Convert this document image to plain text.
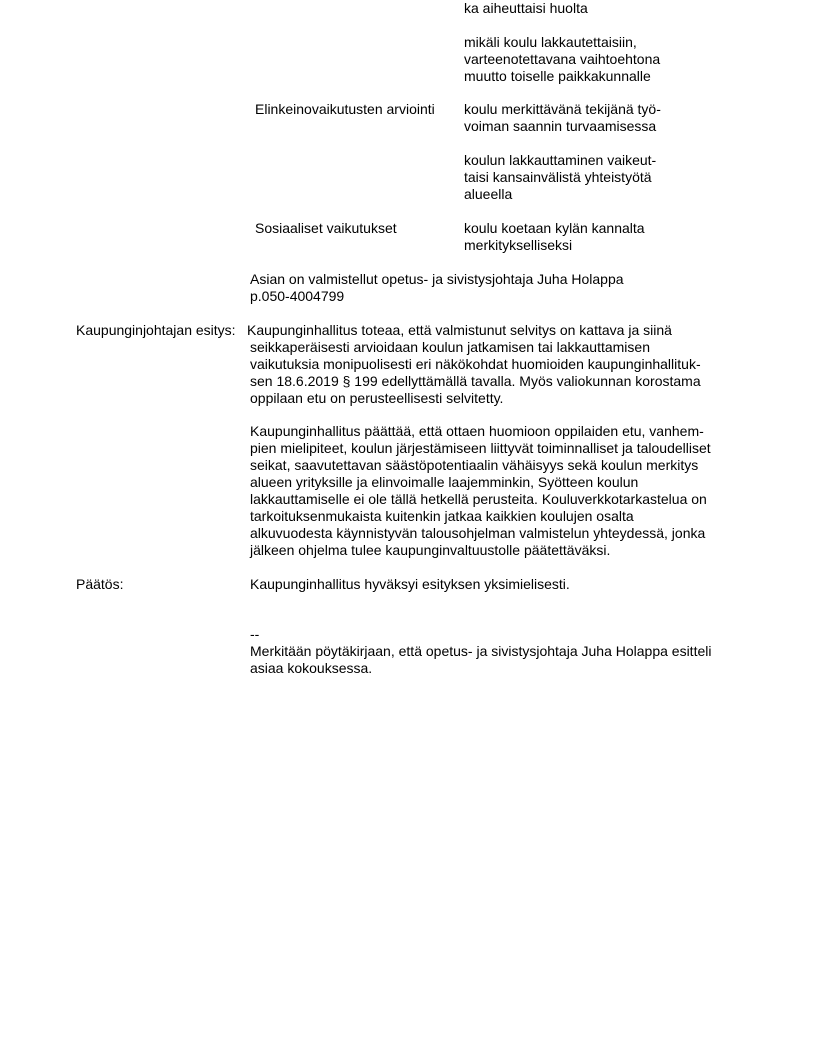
ka aiheuttaisi huolta
mikäli koulu lakkautettaisiin,
varteenotettavana vaihtoehtona
muutto toiselle paikkakunnalle
Elinkeinovaikutusten arviointi koulu merkittävänä tekijänä työ-
voiman saannin turvaamisessa
koulun lakkauttaminen vaikeut-
taisi kansainvälistä yhteistyötä
alueella
Sosiaaliset vaikutukset	koulu koetaan kylän kannalta
merkitykselliseksi
Asian on valmistellut opetus- ja sivistysjohtaja Juha Holappa
p.050-4004799
Kaupunginjohtajan esitys: Kaupunginhallitus toteaa, että valmistunut selvitys on kattava ja siinä
seikkaperäisesti arvioidaan koulun jatkamisen tai lakkauttamisen
vaikutuksia monipuolisesti eri näkökohdat huomioiden kaupunginhallituk-
sen 18.6.2019 § 199 edellyttämällä tavalla. Myös valiokunnan korostama
oppilaan etu on perusteellisesti selvitetty.
Kaupunginhallitus päättää, että ottaen huomioon oppilaiden etu, vanhem-
pien mielipiteet, koulun järjestämiseen liittyvät toiminnalliset ja taloudelliset
seikat, saavutettavan säästöpotentiaalin vähäisyys sekä koulun merkitys
alueen yrityksille ja elinvoimalle laajemminkin, Syötteen koulun
lakkauttamiselle ei ole tällä hetkellä perusteita. Kouluverkkotarkastelua on
tarkoituksenmukaista kuitenkin jatkaa kaikkien koulujen osalta
alkuvuodesta käynnistyvän talousohjelman valmistelun yhteydessä, jonka
jälkeen ohjelma tulee kaupunginvaltuustolle päätettäväksi.
Päätös:	Kaupunginhallitus hyväksyi esityksen yksimielisesti.
--
Merkitään pöytäkirjaan, että opetus- ja sivistysjohtaja Juha Holappa esitteli
asiaa kokouksessa.
